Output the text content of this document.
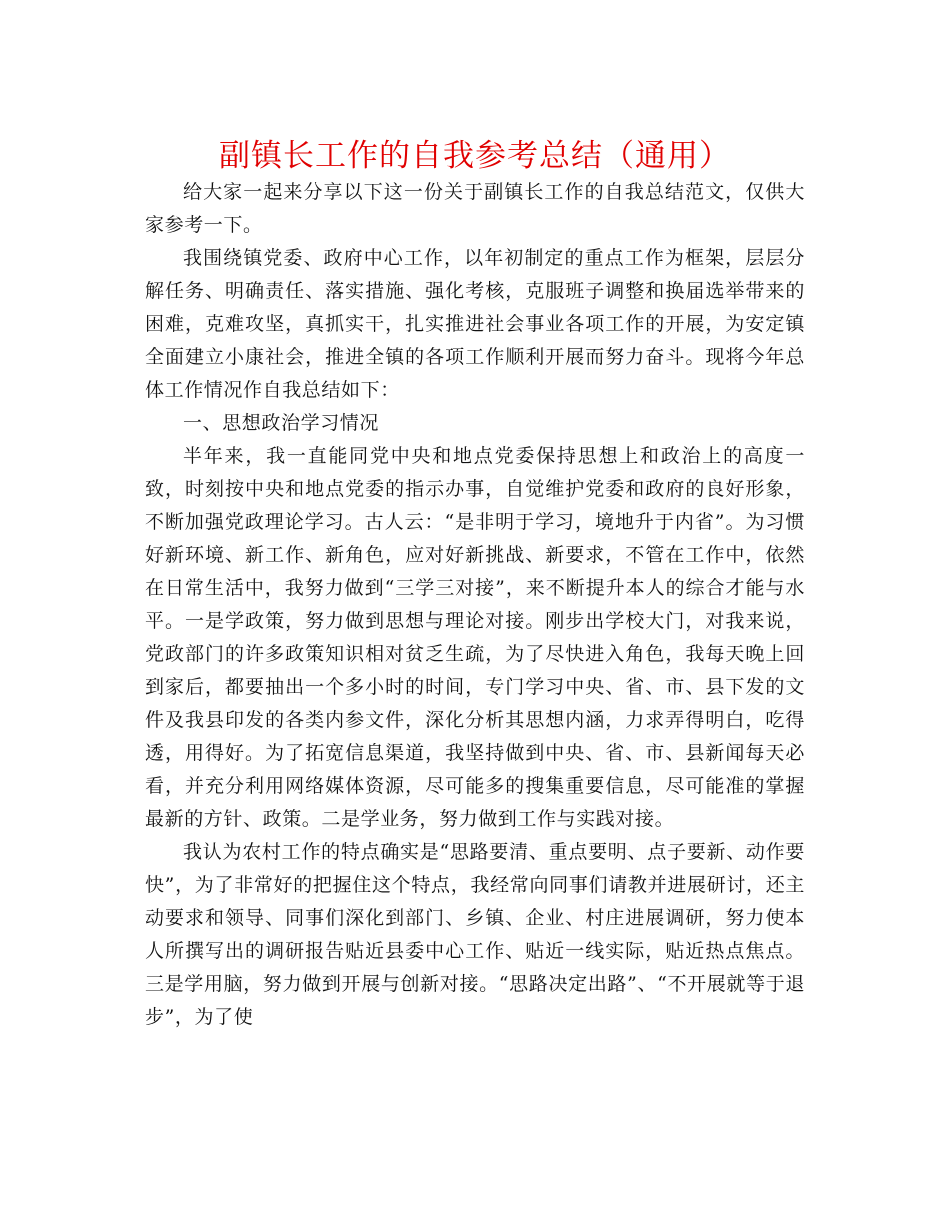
副镇长工作的自我参考总结（通用）

给大家一起来分享以下这一份关于副镇长工作的自我总结范文，仅供大家参考一下。

我围绕镇党委、政府中心工作，以年初制定的重点工作为框架，层层分解任务、明确责任、落实措施、强化考核，克服班子调整和换届选举带来的困难，克难攻坚，真抓实干，扎实推进社会事业各项工作的开展，为安定镇全面建立小康社会，推进全镇的各项工作顺利开展而努力奋斗。现将今年总体工作情况作自我总结如下：

一、思想政治学习情况

半年来，我一直能同党中央和地点党委保持思想上和政治上的高度一致，时刻按中央和地点党委的指示办事，自觉维护党委和政府的良好形象，不断加强党政理论学习。古人云：“是非明于学习，境地升于内省”。为习惯好新环境、新工作、新角色，应对好新挑战、新要求，不管在工作中，依然在日常生活中，我努力做到“三学三对接”，来不断提升本人的综合才能与水平。一是学政策，努力做到思想与理论对接。刚步出学校大门，对我来说，党政部门的许多政策知识相对贫乏生疏，为了尽快进入角色，我每天晚上回到家后，都要抽出一个多小时的时间，专门学习中央、省、市、县下发的文件及我县印发的各类内参文件，深化分析其思想内涵，力求弄得明白，吃得透，用得好。为了拓宽信息渠道，我坚持做到中央、省、市、县新闻每天必看，并充分利用网络媒体资源，尽可能多的搜集重要信息，尽可能准的掌握最新的方针、政策。二是学业务，努力做到工作与实践对接。

我认为农村工作的特点确实是“思路要清、重点要明、点子要新、动作要快”，为了非常好的把握住这个特点，我经常向同事们请教并进展研讨，还主动要求和领导、同事们深化到部门、乡镇、企业、村庄进展调研，努力使本人所撰写出的调研报告贴近县委中心工作、贴近一线实际，贴近热点焦点。三是学用脑，努力做到开展与创新对接。“思路决定出路”、“不开展就等于退步”，为了使
